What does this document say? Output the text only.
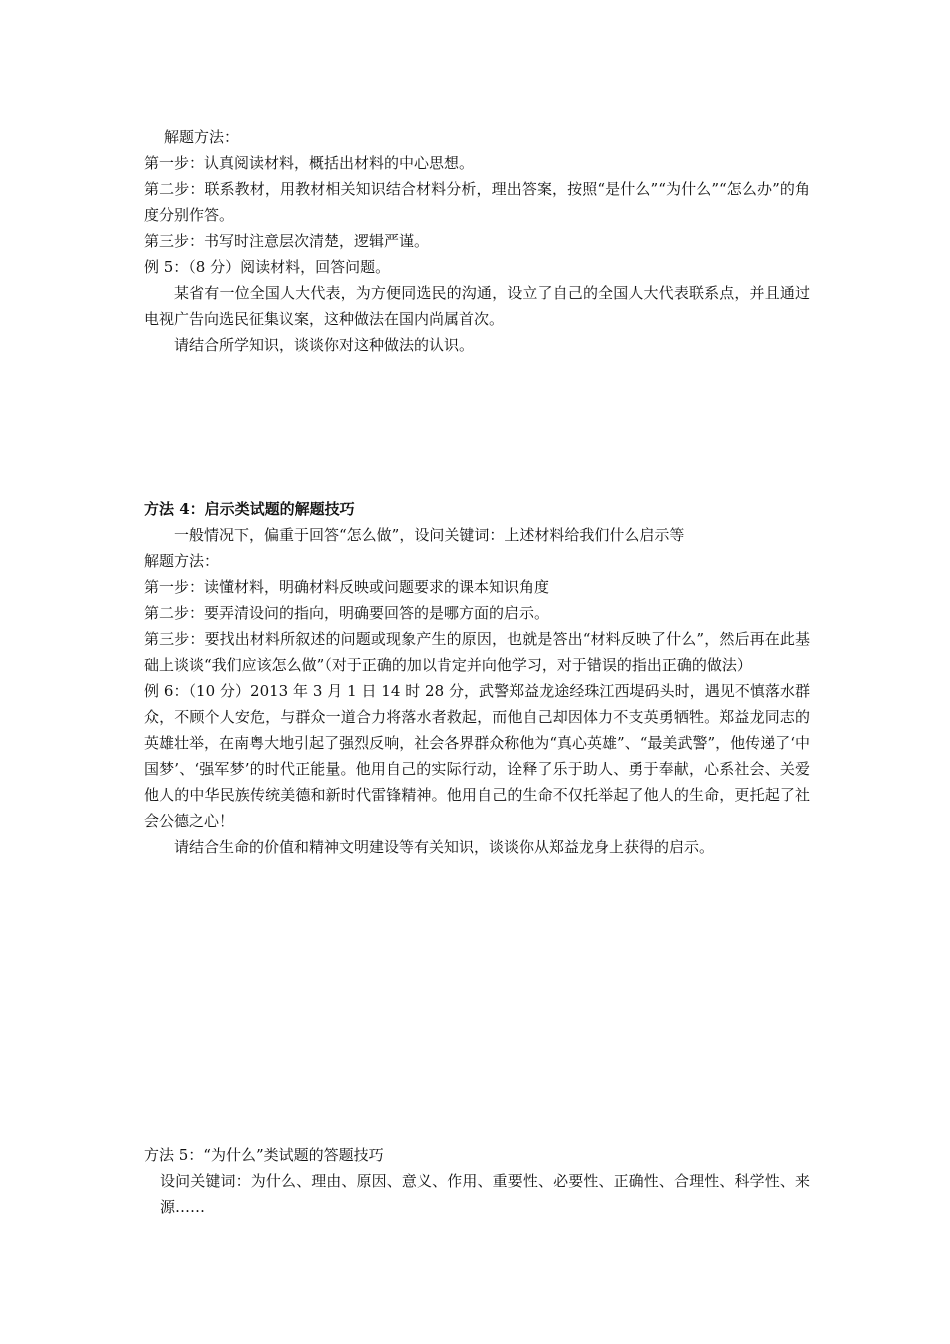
解题方法：
第一步：认真阅读材料，概括出材料的中心思想。
第二步：联系教材，用教材相关知识结合材料分析，理出答案，按照“是什么”“为什么”“怎么办”的角度分别作答。
第三步：书写时注意层次清楚，逻辑严谨。
例 5：（8 分）阅读材料，回答问题。
某省有一位全国人大代表，为方便同选民的沟通，设立了自己的全国人大代表联系点，并且通过电视广告向选民征集议案，这种做法在国内尚属首次。
请结合所学知识，谈谈你对这种做法的认识。
方法 4：启示类试题的解题技巧
一般情况下，偏重于回答“怎么做”，设问关键词：上述材料给我们什么启示等
解题方法：
第一步：读懂材料，明确材料反映或问题要求的课本知识角度
第二步：要弄清设问的指向，明确要回答的是哪方面的启示。
第三步：要找出材料所叙述的问题或现象产生的原因，也就是答出“材料反映了什么”，然后再在此基础上谈谈“我们应该怎么做”（对于正确的加以肯定并向他学习，对于错误的指出正确的做法）
例 6：（10 分）2013 年 3 月 1 日 14 时 28 分，武警郑益龙途经珠江西堤码头时，遇见不慎落水群众，不顾个人安危，与群众一道合力将落水者救起，而他自己却因体力不支英勇牺牲。郑益龙同志的英雄壮举，在南粤大地引起了强烈反响，社会各界群众称他为“真心英雄”、“最美武警”，他传递了‘中国梦’、‘强军梦’的时代正能量。他用自己的实际行动，诠释了乐于助人、勇于奉献，心系社会、关爱他人的中华民族传统美德和新时代雷锋精神。他用自己的生命不仅托举起了他人的生命，更托起了社会公德之心！
请结合生命的价值和精神文明建设等有关知识，谈谈你从郑益龙身上获得的启示。
方法 5：“为什么”类试题的答题技巧
设问关键词：为什么、理由、原因、意义、作用、重要性、必要性、正确性、合理性、科学性、来源……
